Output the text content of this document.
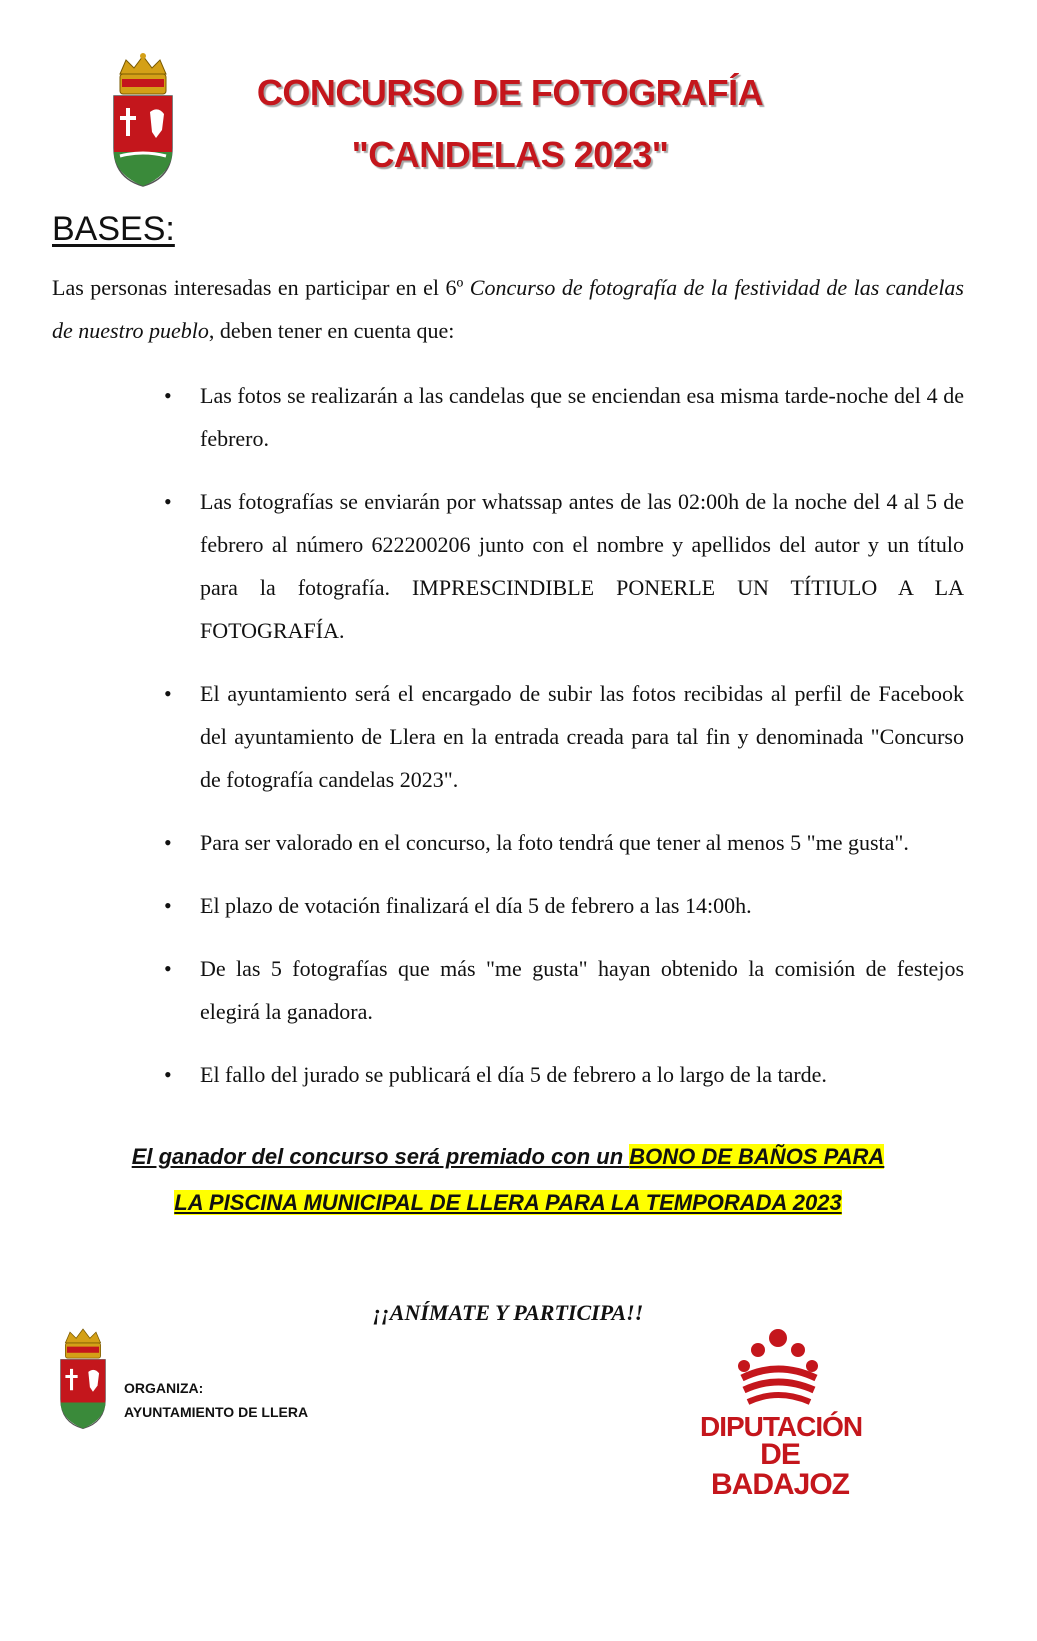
CONCURSO DE FOTOGRAFÍA
"CANDELAS 2023"
BASES:
Las personas interesadas en participar en el 6º Concurso de fotografía de la festividad de las candelas de nuestro pueblo, deben tener en cuenta que:
• Las fotos se realizarán a las candelas que se enciendan esa misma tarde-noche del 4 de febrero.
• Las fotografías se enviarán por whatssap antes de las 02:00h de la noche del 4 al 5 de febrero al número 622200206 junto con el nombre y apellidos del autor y un título para la fotografía. IMPRESCINDIBLE PONERLE UN TÍTIULO A LA FOTOGRAFÍA.
• El ayuntamiento será el encargado de subir las fotos recibidas al perfil de Facebook del ayuntamiento de Llera en la entrada creada para tal fin y denominada "Concurso de fotografía candelas 2023".
• Para ser valorado en el concurso, la foto tendrá que tener al menos 5 "me gusta".
• El plazo de votación finalizará el día 5 de febrero a las 14:00h.
• De las 5 fotografías que más "me gusta" hayan obtenido la comisión de festejos elegirá la ganadora.
• El fallo del jurado se publicará el día 5 de febrero a lo largo de la tarde.
El ganador del concurso será premiado con un BONO DE BAÑOS PARA
LA PISCINA MUNICIPAL DE LLERA PARA LA TEMPORADA 2023
¡¡ANÍMATE Y PARTICIPA!!
ORGANIZA:
AYUNTAMIENTO DE LLERA	DIPUTACIÓN
DE BADAJOZ
